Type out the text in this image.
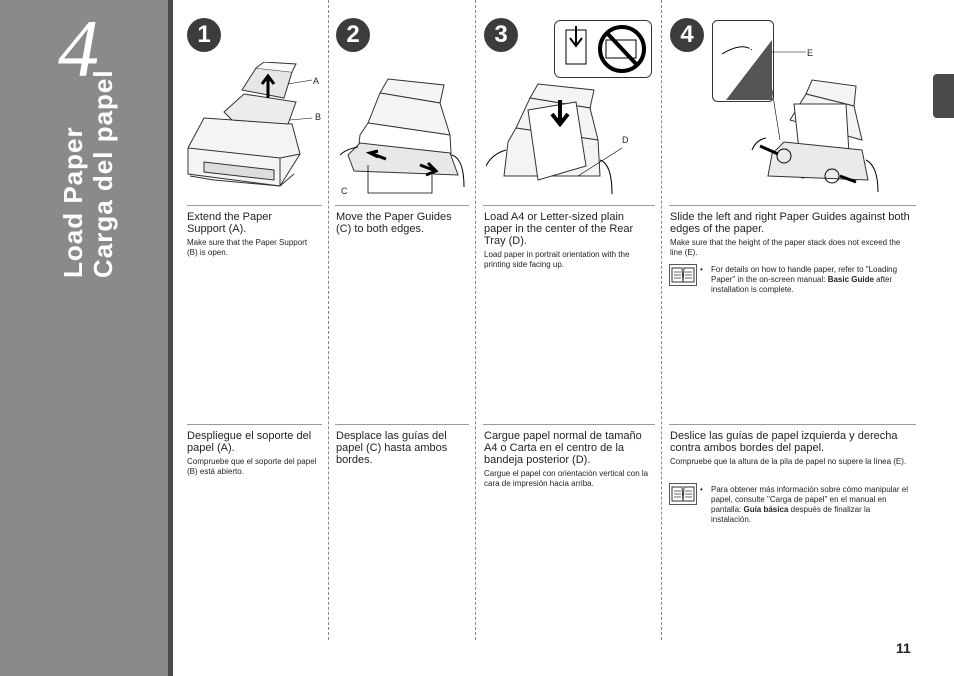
4
Load Paper Carga del papel
1	2	3	4
A
B
C
D
E
Extend the Paper Support (A).
Make sure that the Paper Support (B) is open.
Move the Paper Guides (C) to both edges.
Load A4 or Letter-sized plain paper in the center of the Rear Tray (D).
Load paper in portrait orientation with the printing side facing up.
Slide the left and right Paper Guides against both edges of the paper.
Make sure that the height of the paper stack does not exceed the line (E).
• For details on how to handle paper, refer to "Loading Paper" in the on-screen manual: Basic Guide after installation is complete.
Despliegue el soporte del papel (A).
Compruebe que el soporte del papel (B) está abierto.
Desplace las guías del papel (C) hasta ambos bordes.
Cargue papel normal de tamaño A4 o Carta en el centro de la bandeja posterior (D).
Cargue el papel con orientación vertical con la cara de impresión hacia arriba.
Deslice las guías de papel izquierda y derecha contra ambos bordes del papel.
Compruebe que la altura de la pila de papel no supere la línea (E).
• Para obtener más información sobre cómo manipular el papel, consulte "Carga de papel" en el manual en pantalla: Guía básica después de finalizar la instalación.
11
